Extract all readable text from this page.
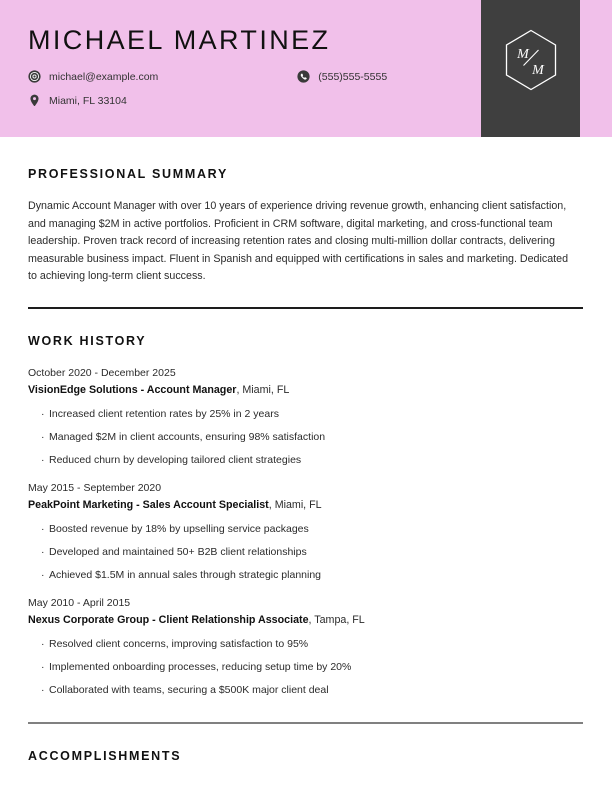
M
M
MICHAEL MARTINEZ
michael@example.com	(555)555-5555
Miami, FL 33104
PROFESSIONAL SUMMARY
Dynamic Account Manager with over 10 years of experience driving revenue growth, enhancing client satisfaction, and managing $2M in active portfolios. Proficient in CRM software, digital marketing, and cross-functional team leadership. Proven track record of increasing retention rates and closing multi-million dollar contracts, delivering measurable business impact. Fluent in Spanish and equipped with certifications in sales and marketing. Dedicated to achieving long-term client success.
WORK HISTORY
October 2020 - December 2025
VisionEdge Solutions - Account Manager, Miami, FL
· Increased client retention rates by 25% in 2 years
· Managed $2M in client accounts, ensuring 98% satisfaction
· Reduced churn by developing tailored client strategies
May 2015 - September 2020
PeakPoint Marketing - Sales Account Specialist, Miami, FL
· Boosted revenue by 18% by upselling service packages
· Developed and maintained 50+ B2B client relationships
· Achieved $1.5M in annual sales through strategic planning
May 2010 - April 2015
Nexus Corporate Group - Client Relationship Associate, Tampa, FL
· Resolved client concerns, improving satisfaction to 95%
· Implemented onboarding processes, reducing setup time by 20%
· Collaborated with teams, securing a $500K major client deal
ACCOMPLISHMENTS
